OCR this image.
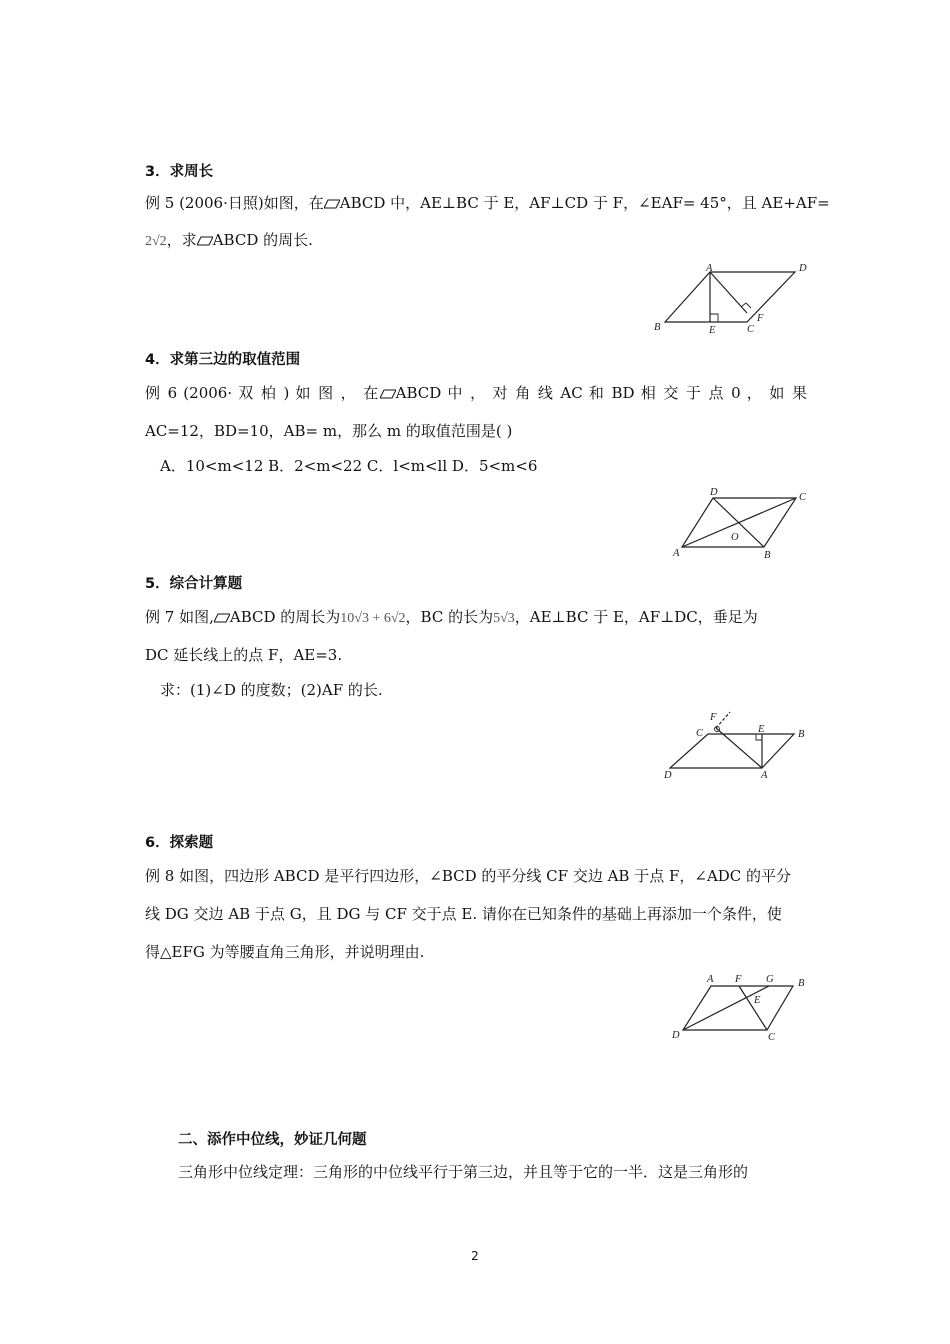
3．求周长
例 5 (2006·日照)如图，在 ABCD 中，AE⊥BC 于 E，AF⊥CD 于 F，∠EAF= 45°，且 AE+AF=
2√2，求 ABCD 的周长.
A	D
B	E	C
F
4．求第三边的取值范围
例 6 (2006· 双 柏 ) 如 图 ， 在 ABCD 中 ， 对 角 线 AC 和 BD 相 交 于 点 0 ， 如 果
AC=12，BD=10，AB= m，那么 m 的取值范围是( )
A．10<m<12 B．2<m<22 C．l<m<ll D．5<m<6
D	C
O
A	B
5．综合计算题
例 7 如图, ABCD 的周长为10√3 + 6√2，BC 的长为5√3，AE⊥BC 于 E，AF⊥DC，垂足为
DC 延长线上的点 F，AE=3.
求：(1)∠D 的度数；(2)AF 的长.
F
E
C	B
D	A
6．探索题
例 8 如图，四边形 ABCD 是平行四边形，∠BCD 的平分线 CF 交边 AB 于点 F，∠ADC 的平分
线 DG 交边 AB 于点 G，且 DG 与 CF 交于点 E. 请你在已知条件的基础上再添加一个条件，使
得△EFG 为等腰直角三角形，并说明理由.
A F G B
E
D	C
二、添作中位线，妙证几何题
三角形中位线定理：三角形的中位线平行于第三边，并且等于它的一半．这是三角形的
2
